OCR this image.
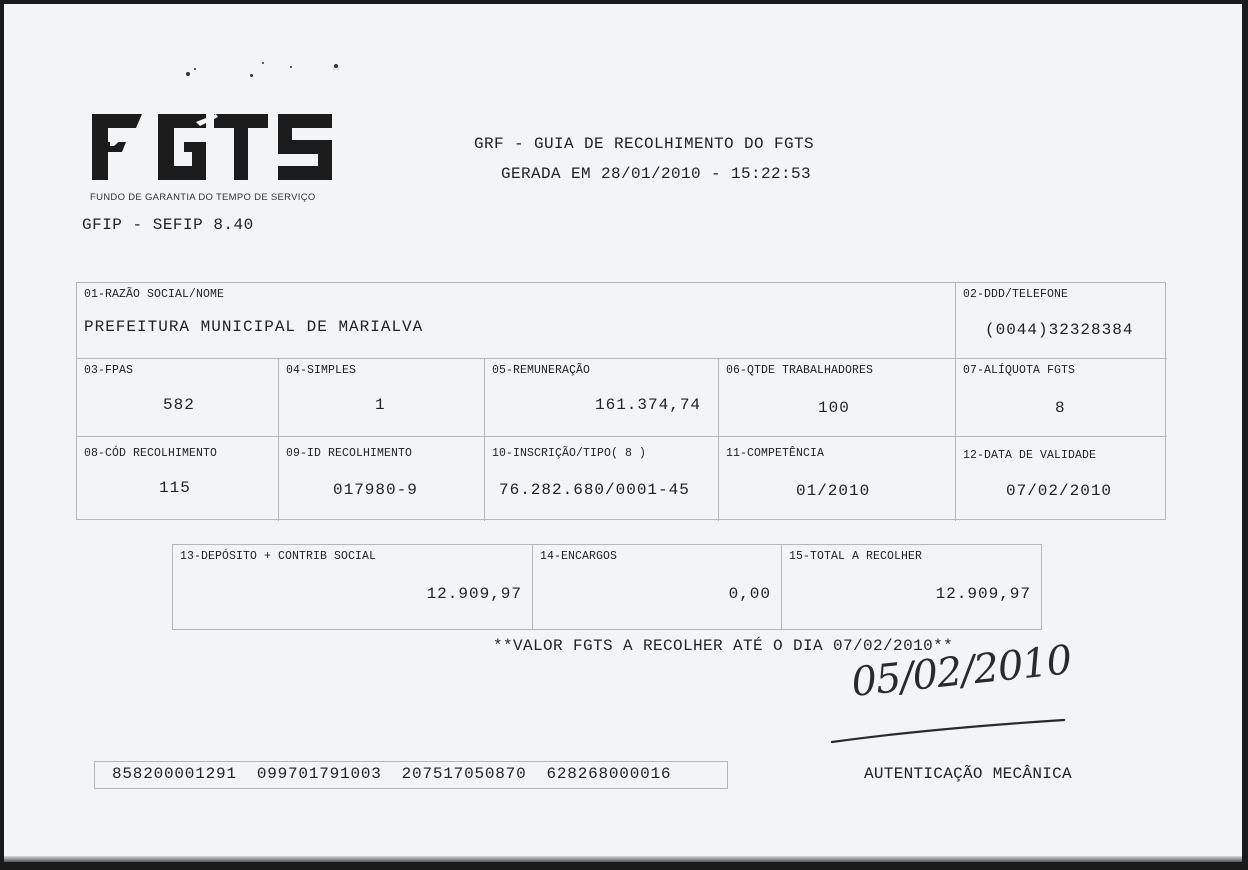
FUNDO DE GARANTIA DO TEMPO DE SERVIÇO
GFIP - SEFIP 8.40
GRF - GUIA DE RECOLHIMENTO DO FGTS
GERADA EM 28/01/2010 - 15:22:53
01-RAZÃO SOCIAL/NOME
PREFEITURA MUNICIPAL DE MARIALVA
02-DDD/TELEFONE
(0044)32328384
03-FPAS
582
04-SIMPLES
1
05-REMUNERAÇÃO
161.374,74
06-QTDE TRABALHADORES
100
07-ALÍQUOTA FGTS
8
08-CÓD RECOLHIMENTO
115
09-ID RECOLHIMENTO
017980-9
10-INSCRIÇÃO/TIPO( 8 )
76.282.680/0001-45
11-COMPETÊNCIA
01/2010
12-DATA DE VALIDADE
07/02/2010
13-DEPÓSITO + CONTRIB SOCIAL
12.909,97
14-ENCARGOS
0,00
15-TOTAL A RECOLHER
12.909,97
**VALOR FGTS A RECOLHER ATÉ O DIA 07/02/2010**
05/02/2010
858200001291 099701791003 207517050870 628268000016	AUTENTICAÇÃO MECÂNICA
